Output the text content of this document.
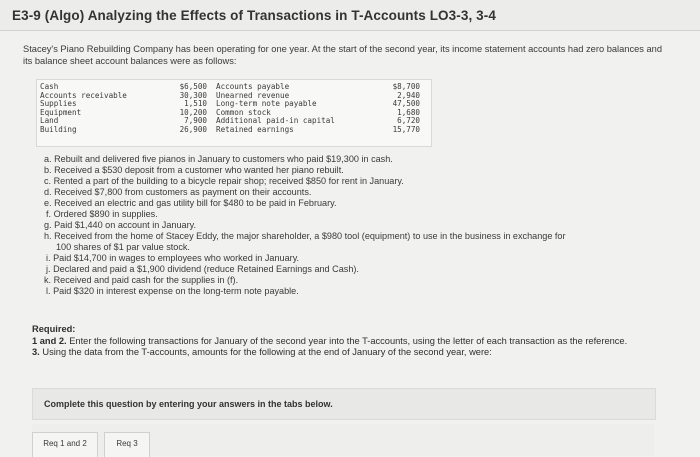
E3-9 (Algo) Analyzing the Effects of Transactions in T-Accounts LO3-3, 3-4
Stacey's Piano Rebuilding Company has been operating for one year. At the start of the second year, its income statement accounts had zero balances and its balance sheet account balances were as follows:
Cash
Accounts receivable
Supplies
Equipment
Land
Building
$6,500
30,300
1,510
10,200
7,900
26,900
Accounts payable
Unearned revenue
Long-term note payable
Common stock
Additional paid-in capital
Retained earnings
$8,700
2,940
47,500
1,680
6,720
15,770
a. Rebuilt and delivered five pianos in January to customers who paid $19,300 in cash.
b. Received a $530 deposit from a customer who wanted her piano rebuilt.
c. Rented a part of the building to a bicycle repair shop; received $850 for rent in January.
d. Received $7,800 from customers as payment on their accounts.
e. Received an electric and gas utility bill for $480 to be paid in February.
f. Ordered $890 in supplies.
g. Paid $1,440 on account in January.
h. Received from the home of Stacey Eddy, the major shareholder, a $980 tool (equipment) to use in the business in exchange for
100 shares of $1 par value stock.
i. Paid $14,700 in wages to employees who worked in January.
j. Declared and paid a $1,900 dividend (reduce Retained Earnings and Cash).
k. Received and paid cash for the supplies in (f).
l. Paid $320 in interest expense on the long-term note payable.
Required:
1 and 2. Enter the following transactions for January of the second year into the T-accounts, using the letter of each transaction as the reference.
3. Using the data from the T-accounts, amounts for the following at the end of January of the second year, were:
Complete this question by entering your answers in the tabs below.
Req 1 and 2	Req 3
